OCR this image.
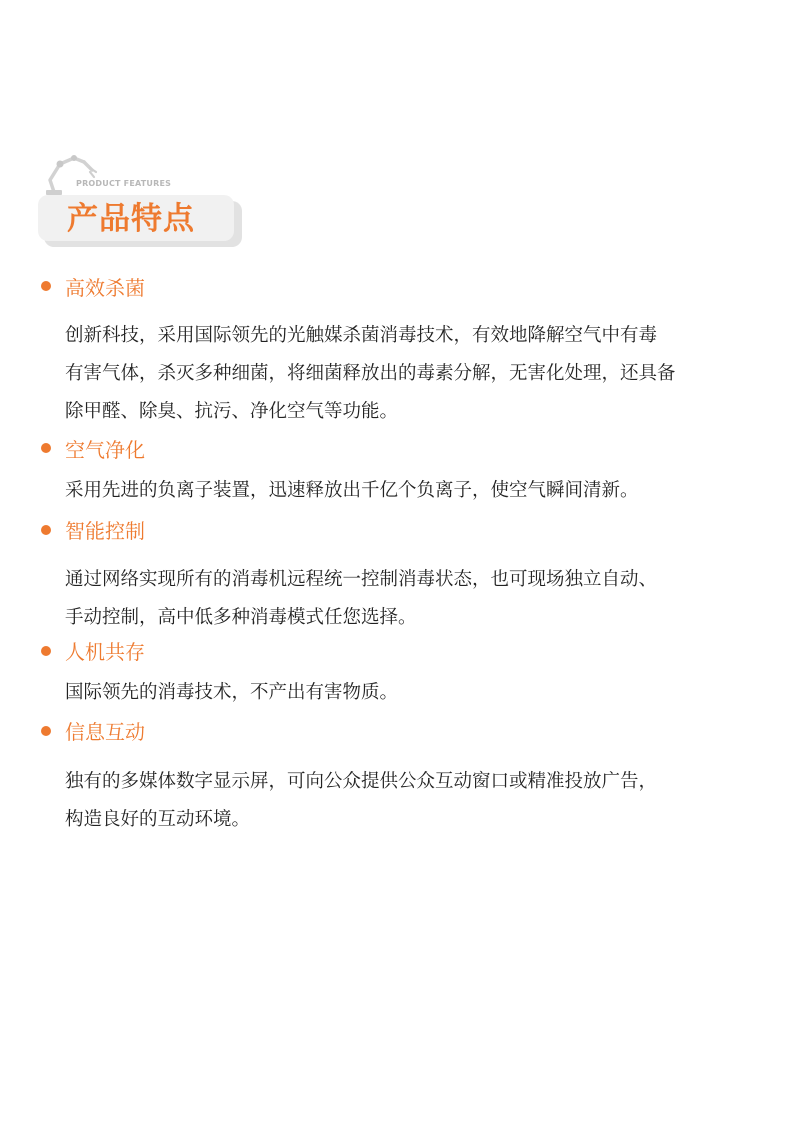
PRODUCT FEATURES
产品特点
高效杀菌
创新科技，采用国际领先的光触媒杀菌消毒技术，有效地降解空气中有毒
有害气体，杀灭多种细菌，将细菌释放出的毒素分解，无害化处理，还具备
除甲醛、除臭、抗污、净化空气等功能。
空气净化
采用先进的负离子装置，迅速释放出千亿个负离子，使空气瞬间清新。
智能控制
通过网络实现所有的消毒机远程统一控制消毒状态，也可现场独立自动、
手动控制，高中低多种消毒模式任您选择。
人机共存
国际领先的消毒技术，不产出有害物质。
信息互动
独有的多媒体数字显示屏，可向公众提供公众互动窗口或精准投放广告，
构造良好的互动环境。
